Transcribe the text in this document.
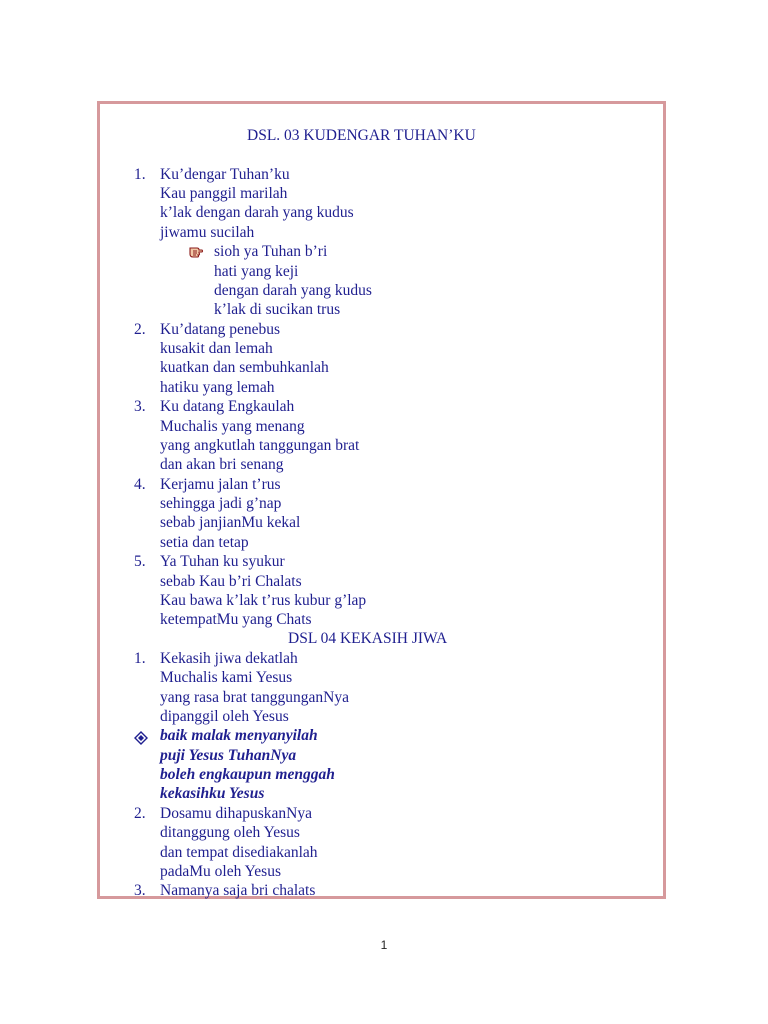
DSL. 03 KUDENGAR TUHAN’KU
1. Ku’dengar Tuhan’ku
Kau panggil marilah
k’lak dengan darah yang kudus
jiwamu sucilah
sioh ya Tuhan b’ri
hati yang keji
dengan darah yang kudus
k’lak di sucikan trus
2. Ku’datang penebus
kusakit dan lemah
kuatkan dan sembuhkanlah
hatiku yang lemah
3. Ku datang Engkaulah
Muchalis yang menang
yang angkutlah tanggungan brat
dan akan bri senang
4. Kerjamu jalan t’rus
sehingga jadi g’nap
sebab janjianMu kekal
setia dan tetap
5. Ya Tuhan ku syukur
sebab Kau b’ri Chalats
Kau bawa k’lak t’rus kubur g’lap
ketempatMu yang Chats
DSL 04 KEKASIH JIWA
1. Kekasih jiwa dekatlah
Muchalis kami Yesus
yang rasa brat tanggunganNya
dipanggil oleh Yesus
baik malak menyanyilah
puji Yesus TuhanNya
boleh engkaupun menggah
kekasihku Yesus
2. Dosamu dihapuskanNya
ditanggung oleh Yesus
dan tempat disediakanlah
padaMu oleh Yesus
3. Namanya saja bri chalats
1
